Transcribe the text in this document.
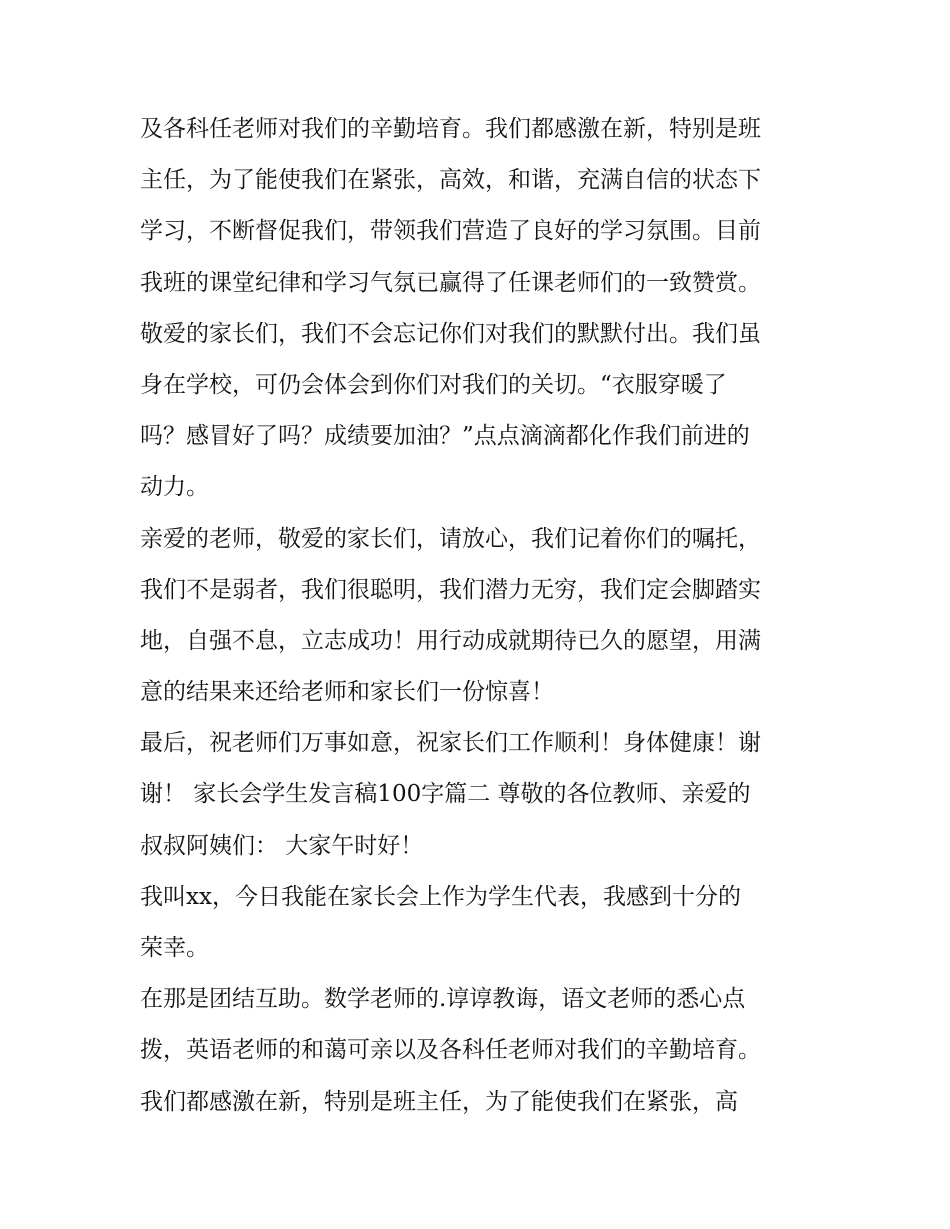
及各科任老师对我们的辛勤培育。我们都感激在新，特别是班
主任，为了能使我们在紧张，高效，和谐，充满自信的状态下
学习，不断督促我们，带领我们营造了良好的学习氛围。目前
我班的课堂纪律和学习气氛已赢得了任课老师们的一致赞赏。
敬爱的家长们，我们不会忘记你们对我们的默默付出。我们虽
身在学校，可仍会体会到你们对我们的关切。“衣服穿暖了
吗？感冒好了吗？成绩要加油？”点点滴滴都化作我们前进的
动力。
亲爱的老师，敬爱的家长们，请放心，我们记着你们的嘱托，
我们不是弱者，我们很聪明，我们潜力无穷，我们定会脚踏实
地，自强不息，立志成功！用行动成就期待已久的愿望，用满
意的结果来还给老师和家长们一份惊喜！
最后，祝老师们万事如意，祝家长们工作顺利！身体健康！谢
谢！ 家长会学生发言稿100字篇二 尊敬的各位教师、亲爱的
叔叔阿姨们： 大家午时好！
我叫xx，今日我能在家长会上作为学生代表，我感到十分的
荣幸。
在那是团结互助。数学老师的.谆谆教诲，语文老师的悉心点
拨，英语老师的和蔼可亲以及各科任老师对我们的辛勤培育。
我们都感激在新，特别是班主任，为了能使我们在紧张，高
